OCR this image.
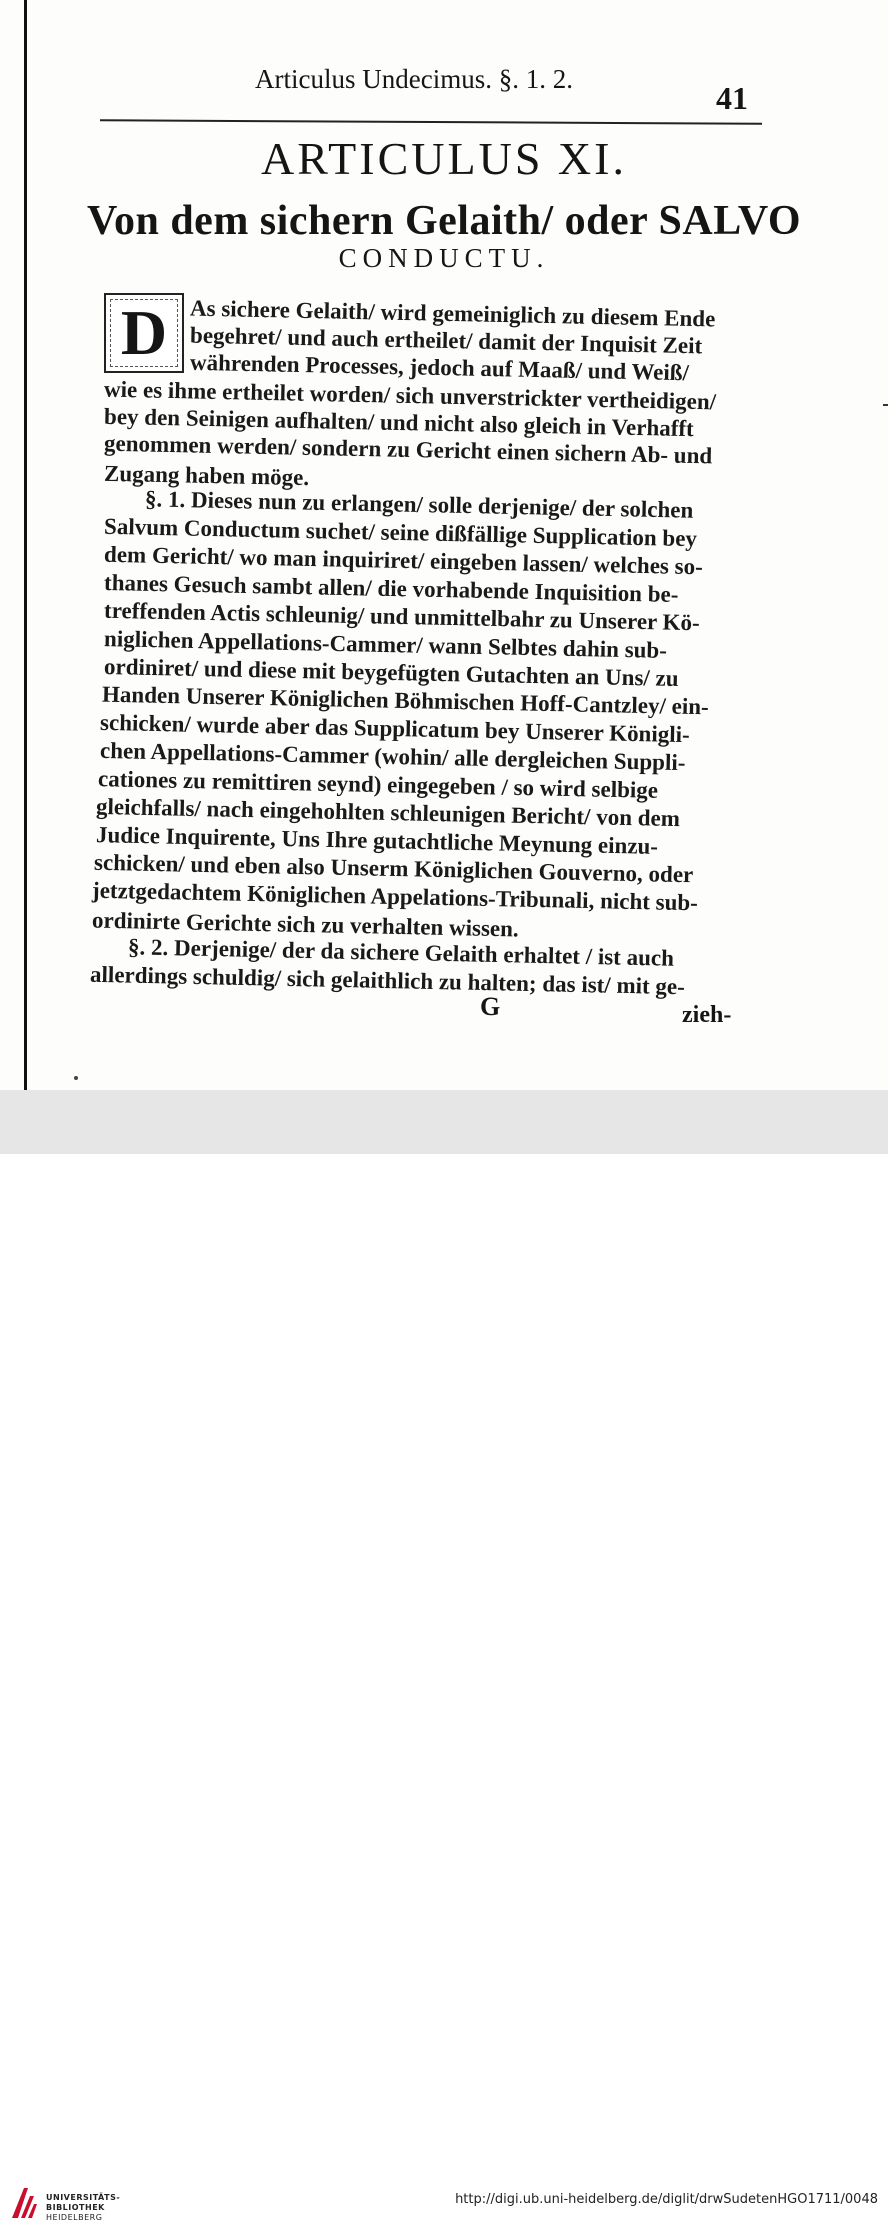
Articulus Undecimus. §. 1. 2.
41
ARTICULUS XI.
Von dem sichern Gelaith/ oder SALVO
CONDUCTU.
D As sichere Gelaith/ wird gemeiniglich zu diesem Ende
begehret/ und auch ertheilet/ damit der Inquisit Zeit
währenden Processes, jedoch auf Maaß/ und Weiß/
wie es ihme ertheilet worden/ sich unverstrickter vertheidigen/
bey den Seinigen aufhalten/ und nicht also gleich in Verhafft
genommen werden/ sondern zu Gericht einen sichern Ab- und
Zugang haben möge.
§. 1. Dieses nun zu erlangen/ solle derjenige/ der solchen
Salvum Conductum suchet/ seine dißfällige Supplication bey
dem Gericht/ wo man inquiriret/ eingeben lassen/ welches so-
thanes Gesuch sambt allen/ die vorhabende Inquisition be-
treffenden Actis schleunig/ und unmittelbahr zu Unserer Kö-
niglichen Appellations-Cammer/ wann Selbtes dahin sub-
ordiniret/ und diese mit beygefügten Gutachten an Uns/ zu
Handen Unserer Königlichen Böhmischen Hoff-Cantzley/ ein-
schicken/ wurde aber das Supplicatum bey Unserer Königli-
chen Appellations-Cammer (wohin/ alle dergleichen Suppli-
cationes zu remittiren seynd) eingegeben / so wird selbige
gleichfalls/ nach eingehohlten schleunigen Bericht/ von dem
Judice Inquirente, Uns Ihre gutachtliche Meynung einzu-
schicken/ und eben also Unserm Königlichen Gouverno, oder
jetztgedachtem Königlichen Appelations-Tribunali, nicht sub-
ordinirte Gerichte sich zu verhalten wissen.
§. 2. Derjenige/ der da sichere Gelaith erhaltet / ist auch
allerdings schuldig/ sich gelaithlich zu halten; das ist/ mit ge-
G	zieh-
UNIVERSITÄTS-
BIBLIOTHEK
HEIDELBERG
http://digi.ub.uni-heidelberg.de/diglit/drwSudetenHGO1711/0048
